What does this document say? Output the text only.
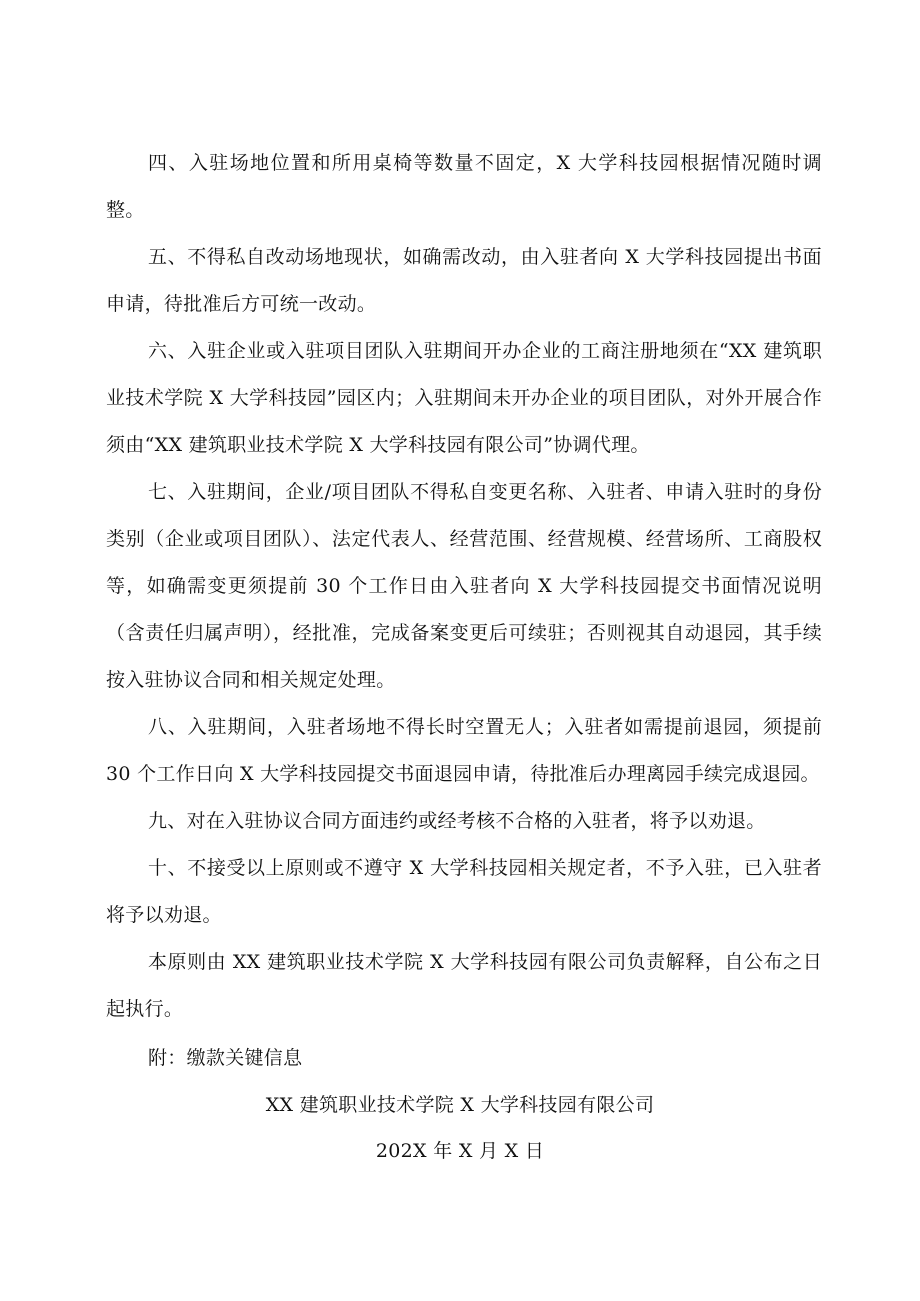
四、入驻场地位置和所用桌椅等数量不固定，X 大学科技园根据情况随时调整。

五、不得私自改动场地现状，如确需改动，由入驻者向 X 大学科技园提出书面申请，待批准后方可统一改动。

六、入驻企业或入驻项目团队入驻期间开办企业的工商注册地须在“XX 建筑职业技术学院 X 大学科技园”园区内；入驻期间未开办企业的项目团队，对外开展合作须由“XX 建筑职业技术学院 X 大学科技园有限公司”协调代理。

七、入驻期间，企业/项目团队不得私自变更名称、入驻者、申请入驻时的身份类别（企业或项目团队）、法定代表人、经营范围、经营规模、经营场所、工商股权等，如确需变更须提前 30 个工作日由入驻者向 X 大学科技园提交书面情况说明（含责任归属声明），经批准，完成备案变更后可续驻；否则视其自动退园，其手续按入驻协议合同和相关规定处理。

八、入驻期间，入驻者场地不得长时空置无人；入驻者如需提前退园，须提前 30 个工作日向 X 大学科技园提交书面退园申请，待批准后办理离园手续完成退园。

九、对在入驻协议合同方面违约或经考核不合格的入驻者，将予以劝退。

十、不接受以上原则或不遵守 X 大学科技园相关规定者，不予入驻，已入驻者将予以劝退。

本原则由 XX 建筑职业技术学院 X 大学科技园有限公司负责解释，自公布之日起执行。

附：缴款关键信息

XX 建筑职业技术学院 X 大学科技园有限公司

202X 年 X 月 X 日
